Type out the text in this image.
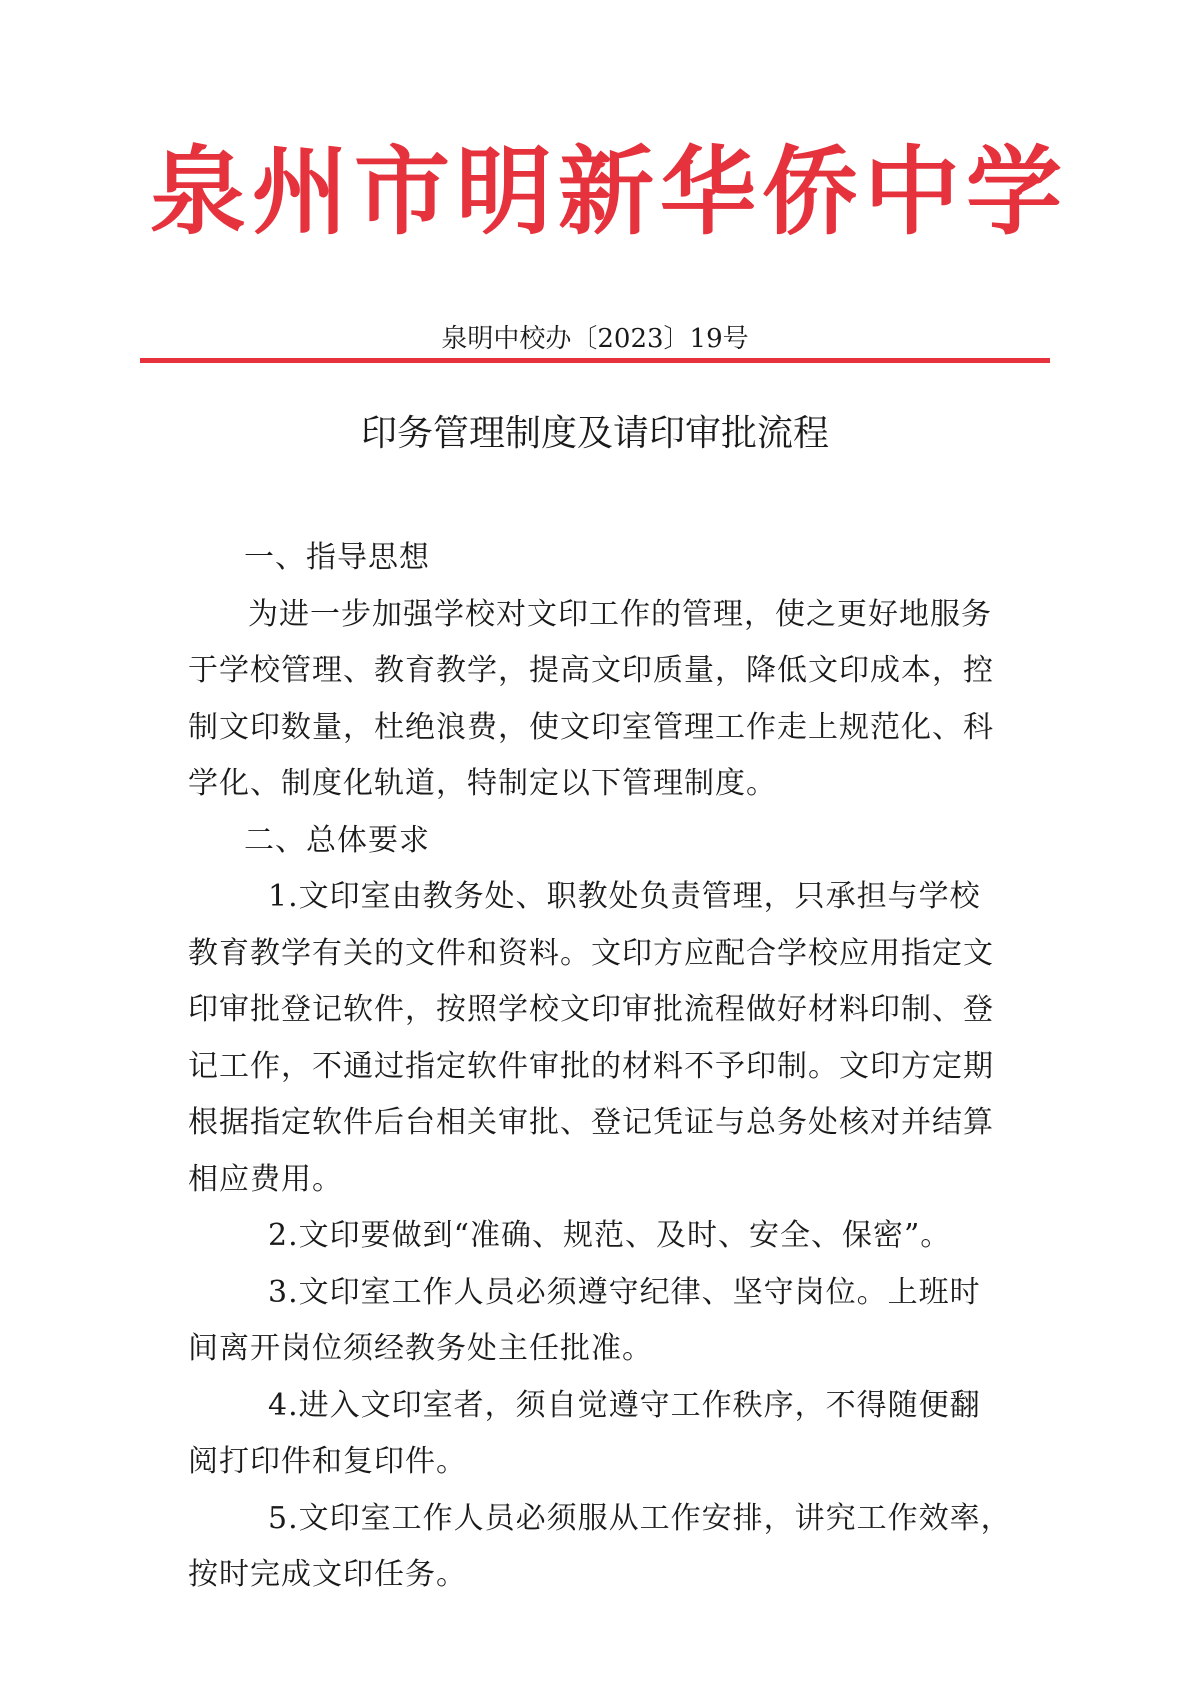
泉州市明新华侨中学
泉明中校办〔2023〕19号
印务管理制度及请印审批流程
一、指导思想
为进一步加强学校对文印工作的管理，使之更好地服务
于学校管理、教育教学，提高文印质量，降低文印成本，控
制文印数量，杜绝浪费，使文印室管理工作走上规范化、科
学化、制度化轨道，特制定以下管理制度。
二、总体要求
1.文印室由教务处、职教处负责管理，只承担与学校
教育教学有关的文件和资料。文印方应配合学校应用指定文
印审批登记软件，按照学校文印审批流程做好材料印制、登
记工作，不通过指定软件审批的材料不予印制。文印方定期
根据指定软件后台相关审批、登记凭证与总务处核对并结算
相应费用。
2.文印要做到“准确、规范、及时、安全、保密”。
3.文印室工作人员必须遵守纪律、坚守岗位。上班时
间离开岗位须经教务处主任批准。
4.进入文印室者，须自觉遵守工作秩序，不得随便翻
阅打印件和复印件。
5.文印室工作人员必须服从工作安排，讲究工作效率，
按时完成文印任务。
